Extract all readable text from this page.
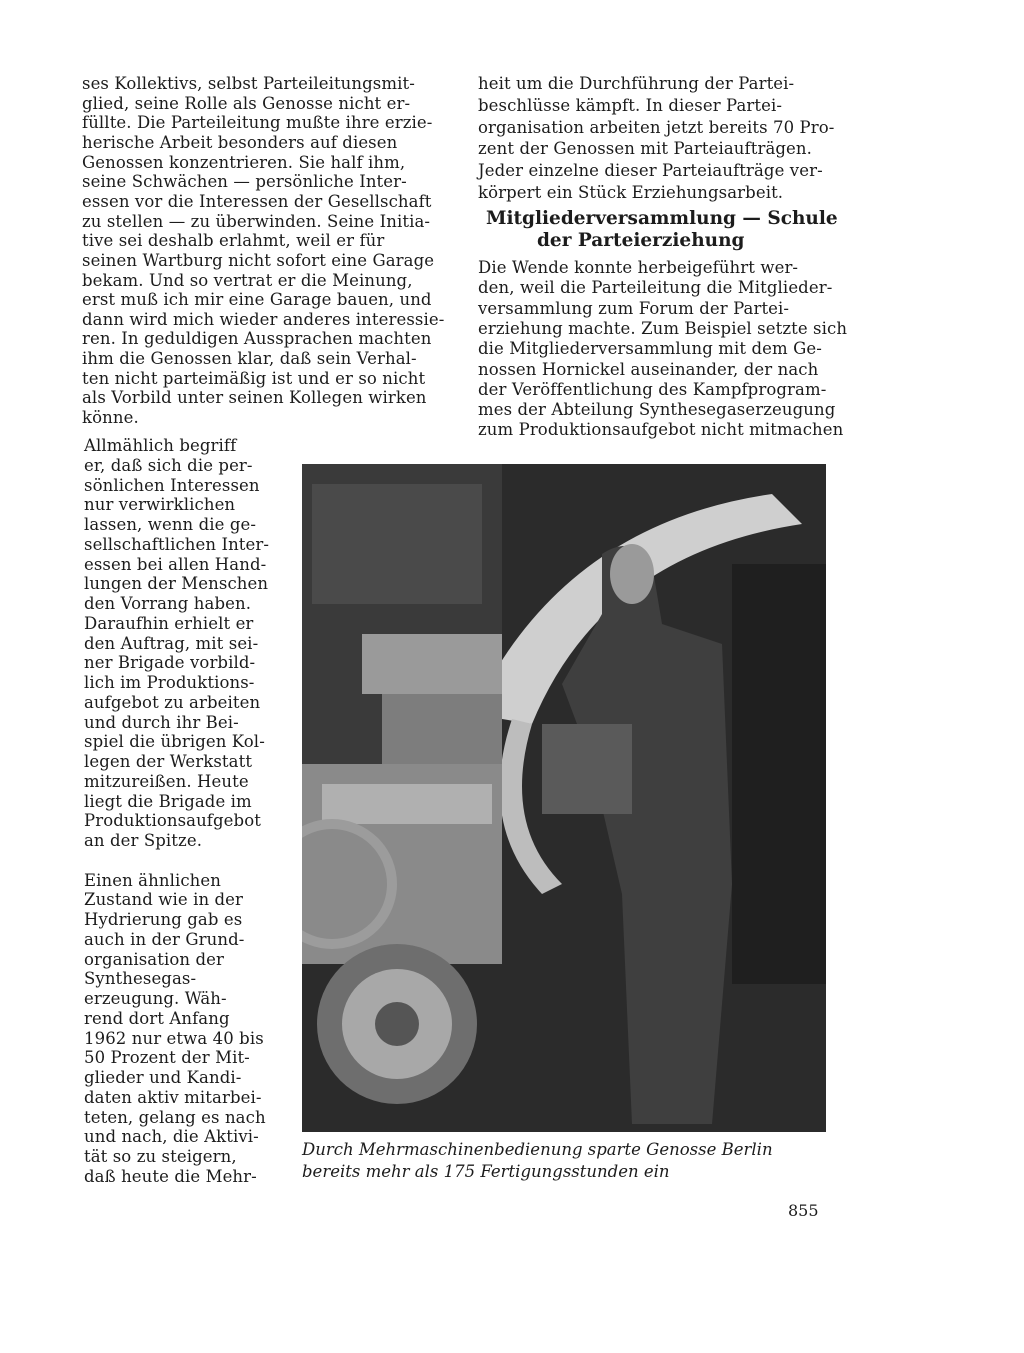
ses Kollektivs, selbst Parteileitungsmit-
glied, seine Rolle als Genosse nicht er-
füllte. Die Parteileitung mußte ihre erzie-
herische Arbeit besonders auf diesen
Genossen konzentrieren. Sie half ihm,
seine Schwächen — persönliche Inter-
essen vor die Interessen der Gesellschaft
zu stellen — zu überwinden. Seine Initia-
tive sei deshalb erlahmt, weil er für
seinen Wartburg nicht sofort eine Garage
bekam. Und so vertrat er die Meinung,
erst muß ich mir eine Garage bauen, und
dann wird mich wieder anderes interessie-
ren. In geduldigen Aussprachen machten
ihm die Genossen klar, daß sein Verhal-
ten nicht parteimäßig ist und er so nicht
als Vorbild unter seinen Kollegen wirken
könne.
heit um die Durchführung der Partei-
beschlüsse kämpft. In dieser Partei-
organisation arbeiten jetzt bereits 70 Pro-
zent der Genossen mit Parteiaufträgen.
Jeder einzelne dieser Parteiaufträge ver-
körpert ein Stück Erziehungsarbeit.
Mitgliederversammlung — Schule
der Parteierziehung
Die Wende konnte herbeigeführt wer-
den, weil die Parteileitung die Mitglieder-
versammlung zum Forum der Partei-
erziehung machte. Zum Beispiel setzte sich
die Mitgliederversammlung mit dem Ge-
nossen Hornickel auseinander, der nach
der Veröffentlichung des Kampfprogram-
mes der Abteilung Synthesegaserzeugung
zum Produktionsaufgebot nicht mitmachen
Allmählich begriff
er, daß sich die per-
sönlichen Interessen
nur verwirklichen
lassen, wenn die ge-
sellschaftlichen Inter-
essen bei allen Hand-
lungen der Menschen
den Vorrang haben.
Daraufhin erhielt er
den Auftrag, mit sei-
ner Brigade vorbild-
lich im Produktions-
aufgebot zu arbeiten
und durch ihr Bei-
spiel die übrigen Kol-
legen der Werkstatt
mitzureißen. Heute
liegt die Brigade im
Produktionsaufgebot
an der Spitze.
Einen ähnlichen
Zustand wie in der
Hydrierung gab es
auch in der Grund-
organisation der
Synthesegas-
erzeugung. Wäh-
rend dort Anfang
1962 nur etwa 40 bis
50 Prozent der Mit-
glieder und Kandi-
daten aktiv mitarbei-
teten, gelang es nach
und nach, die Aktivi-
tät so zu steigern,
daß heute die Mehr-
Durch Mehrmaschinenbedienung sparte Genosse Berlin
bereits mehr als 175 Fertigungsstunden ein
855
